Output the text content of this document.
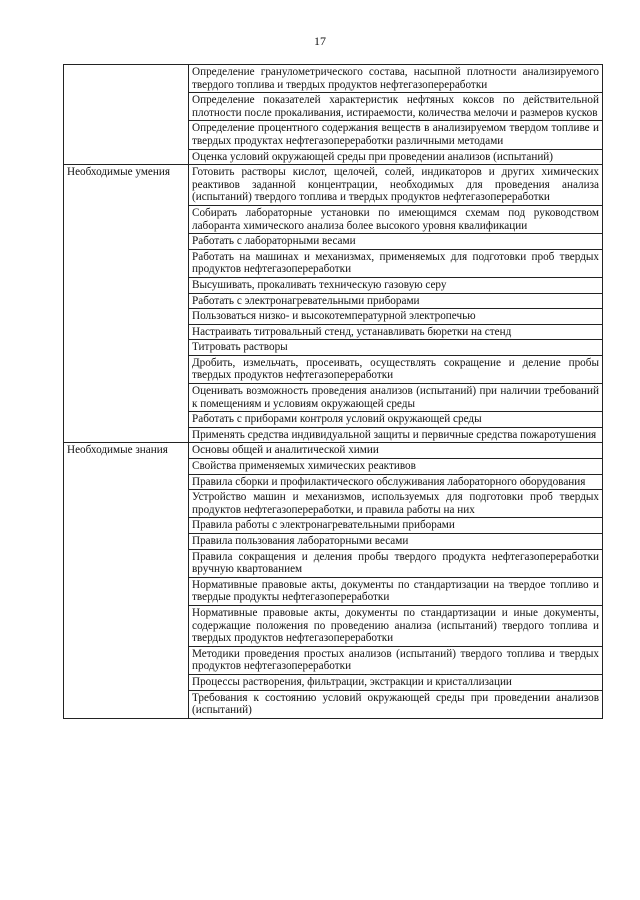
17

	Определение гранулометрического состава, насыпной плотности анализируемого твердого топлива и твердых продуктов нефтегазопереработки

	Определение показателей характеристик нефтяных коксов по действительной плотности после прокаливания, истираемости, количества мелочи и размеров кусков

	Определение процентного содержания веществ в анализируемом твердом топливе и твердых продуктах нефтегазопереработки различными методами

	Оценка условий окружающей среды при проведении анализов (испытаний)

Необходимые умения	Готовить растворы кислот, щелочей, солей, индикаторов и других химических реактивов заданной концентрации, необходимых для проведения анализа (испытаний) твердого топлива и твердых продуктов нефтегазопереработки

	Собирать лабораторные установки по имеющимся схемам под руководством лаборанта химического анализа более высокого уровня квалификации

	Работать с лабораторными весами

	Работать на машинах и механизмах, применяемых для подготовки проб твердых продуктов нефтегазопереработки

	Высушивать, прокаливать техническую газовую серу

	Работать с электронагревательными приборами

	Пользоваться низко- и высокотемпературной электропечью

	Настраивать титровальный стенд, устанавливать бюретки на стенд

	Титровать растворы

	Дробить, измельчать, просеивать, осуществлять сокращение и деление пробы твердых продуктов нефтегазопереработки

	Оценивать возможность проведения анализов (испытаний) при наличии требований к помещениям и условиям окружающей среды

	Работать с приборами контроля условий окружающей среды

	Применять средства индивидуальной защиты и первичные средства пожаротушения

Необходимые знания	Основы общей и аналитической химии

	Свойства применяемых химических реактивов

	Правила сборки и профилактического обслуживания лабораторного оборудования

	Устройство машин и механизмов, используемых для подготовки проб твердых продуктов нефтегазопереработки, и правила работы на них

	Правила работы с электронагревательными приборами

	Правила пользования лабораторными весами

	Правила сокращения и деления пробы твердого продукта нефтегазопереработки вручную квартованием

	Нормативные правовые акты, документы по стандартизации на твердое топливо и твердые продукты нефтегазопереработки

	Нормативные правовые акты, документы по стандартизации и иные документы, содержащие положения по проведению анализа (испытаний) твердого топлива и твердых продуктов нефтегазопереработки

	Методики проведения простых анализов (испытаний) твердого топлива и твердых продуктов нефтегазопереработки

	Процессы растворения, фильтрации, экстракции и кристаллизации

	Требования к состоянию условий окружающей среды при проведении анализов (испытаний)
